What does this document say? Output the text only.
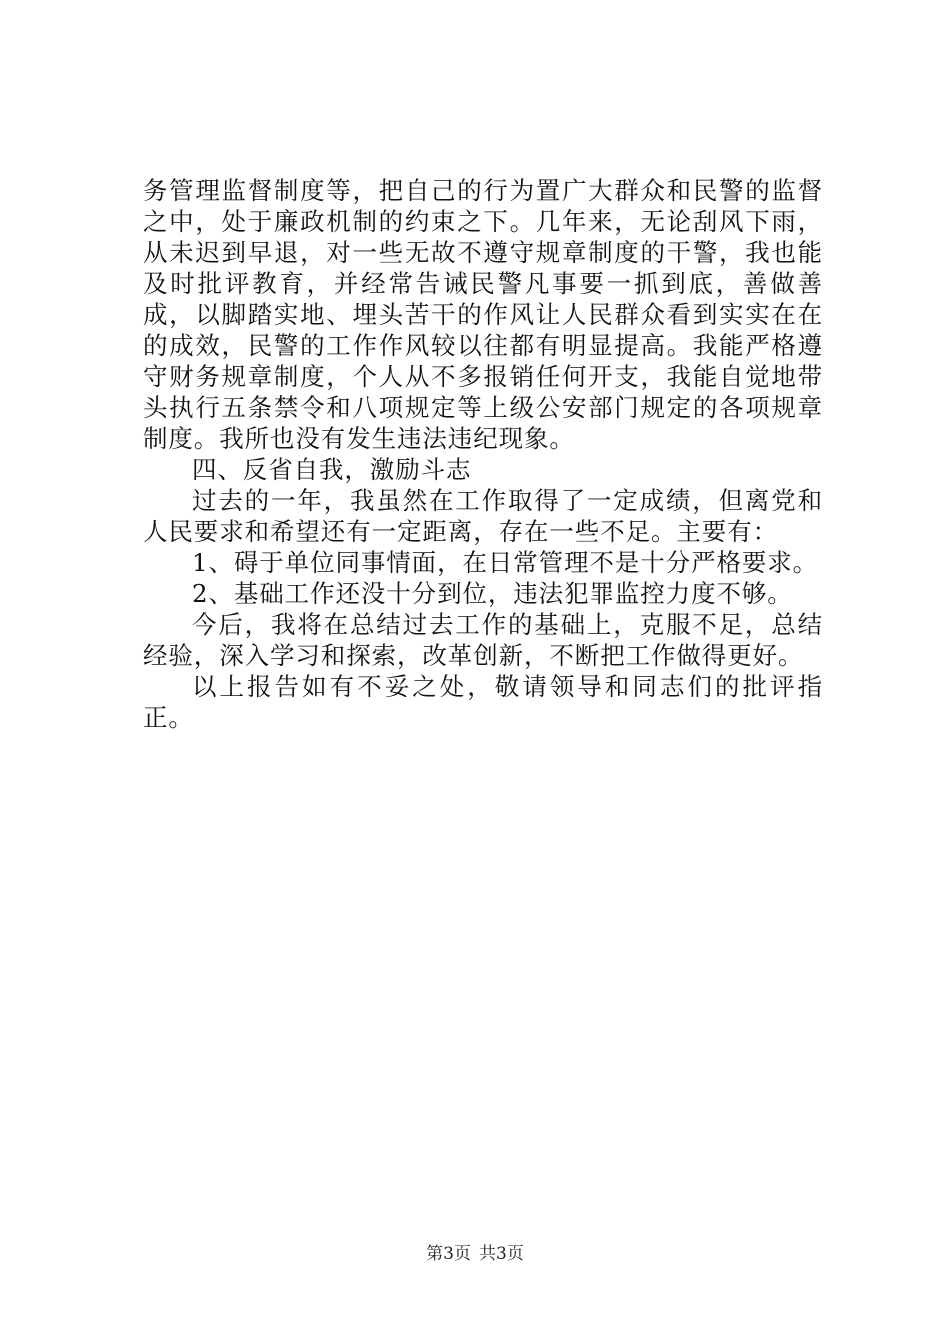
务管理监督制度等，把自己的行为置广大群众和民警的监督之中，处于廉政机制的约束之下。几年来，无论刮风下雨，从未迟到早退，对一些无故不遵守规章制度的干警，我也能及时批评教育，并经常告诫民警凡事要一抓到底，善做善成，以脚踏实地、埋头苦干的作风让人民群众看到实实在在的成效，民警的工作作风较以往都有明显提高。我能严格遵守财务规章制度，个人从不多报销任何开支，我能自觉地带头执行五条禁令和八项规定等上级公安部门规定的各项规章制度。我所也没有发生违法违纪现象。

四、反省自我，激励斗志

过去的一年，我虽然在工作取得了一定成绩，但离党和人民要求和希望还有一定距离，存在一些不足。主要有：

1、碍于单位同事情面，在日常管理不是十分严格要求。

2、基础工作还没十分到位，违法犯罪监控力度不够。

今后，我将在总结过去工作的基础上，克服不足，总结经验，深入学习和探索，改革创新，不断把工作做得更好。

以上报告如有不妥之处，敬请领导和同志们的批评指正。

第3页 共3页
